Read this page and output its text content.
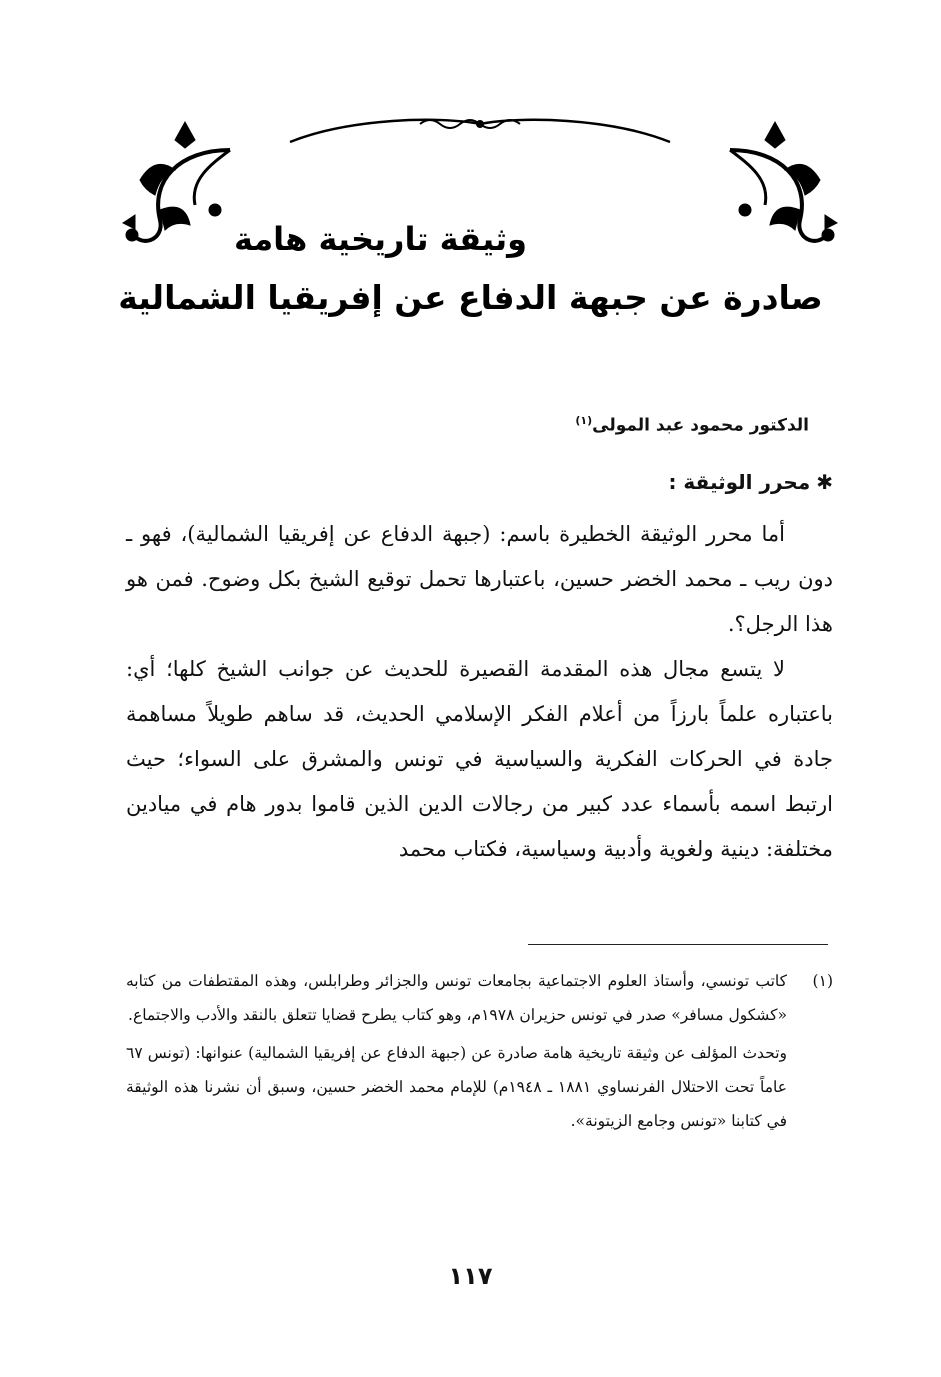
وثيقة تاريخية هامة
صادرة عن جبهة الدفاع عن إفريقيا الشمالية
الدكتور محمود عبد المولى$^{(١)}$
✱محرر الوثيقة :

أما محرر الوثيقة الخطيرة باسم: (جبهة الدفاع عن إفريقيا الشمالية)، فهو ـ دون ريب ـ محمد الخضر حسين، باعتبارها تحمل توقيع الشيخ بكل وضوح. فمن هو هذا الرجل؟.

لا يتسع مجال هذه المقدمة القصيرة للحديث عن جوانب الشيخ كلها؛ أي: باعتباره علماً بارزاً من أعلام الفكر الإسلامي الحديث، قد ساهم طويلاً مساهمة جادة في الحركات الفكرية والسياسية في تونس والمشرق على السواء؛ حيث ارتبط اسمه بأسماء عدد كبير من رجالات الدين الذين قاموا بدور هام في ميادين مختلفة: دينية ولغوية وأدبية وسياسية، فكتاب محمد

(١)
كاتب تونسي، وأستاذ العلوم الاجتماعية بجامعات تونس والجزائر وطرابلس، وهذه المقتطفات من كتابه «كشكول مسافر» صدر في تونس حزيران ١٩٧٨م، وهو كتاب يطرح قضايا تتعلق بالنقد والأدب والاجتماع.

وتحدث المؤلف عن وثيقة تاريخية هامة صادرة عن (جبهة الدفاع عن إفريقيا الشمالية) عنوانها: (تونس ٦٧ عاماً تحت الاحتلال الفرنساوي ١٨٨١ ـ ١٩٤٨م) للإمام محمد الخضر حسين، وسبق أن نشرنا هذه الوثيقة في كتابنا «تونس وجامع الزيتونة».

١١٧
